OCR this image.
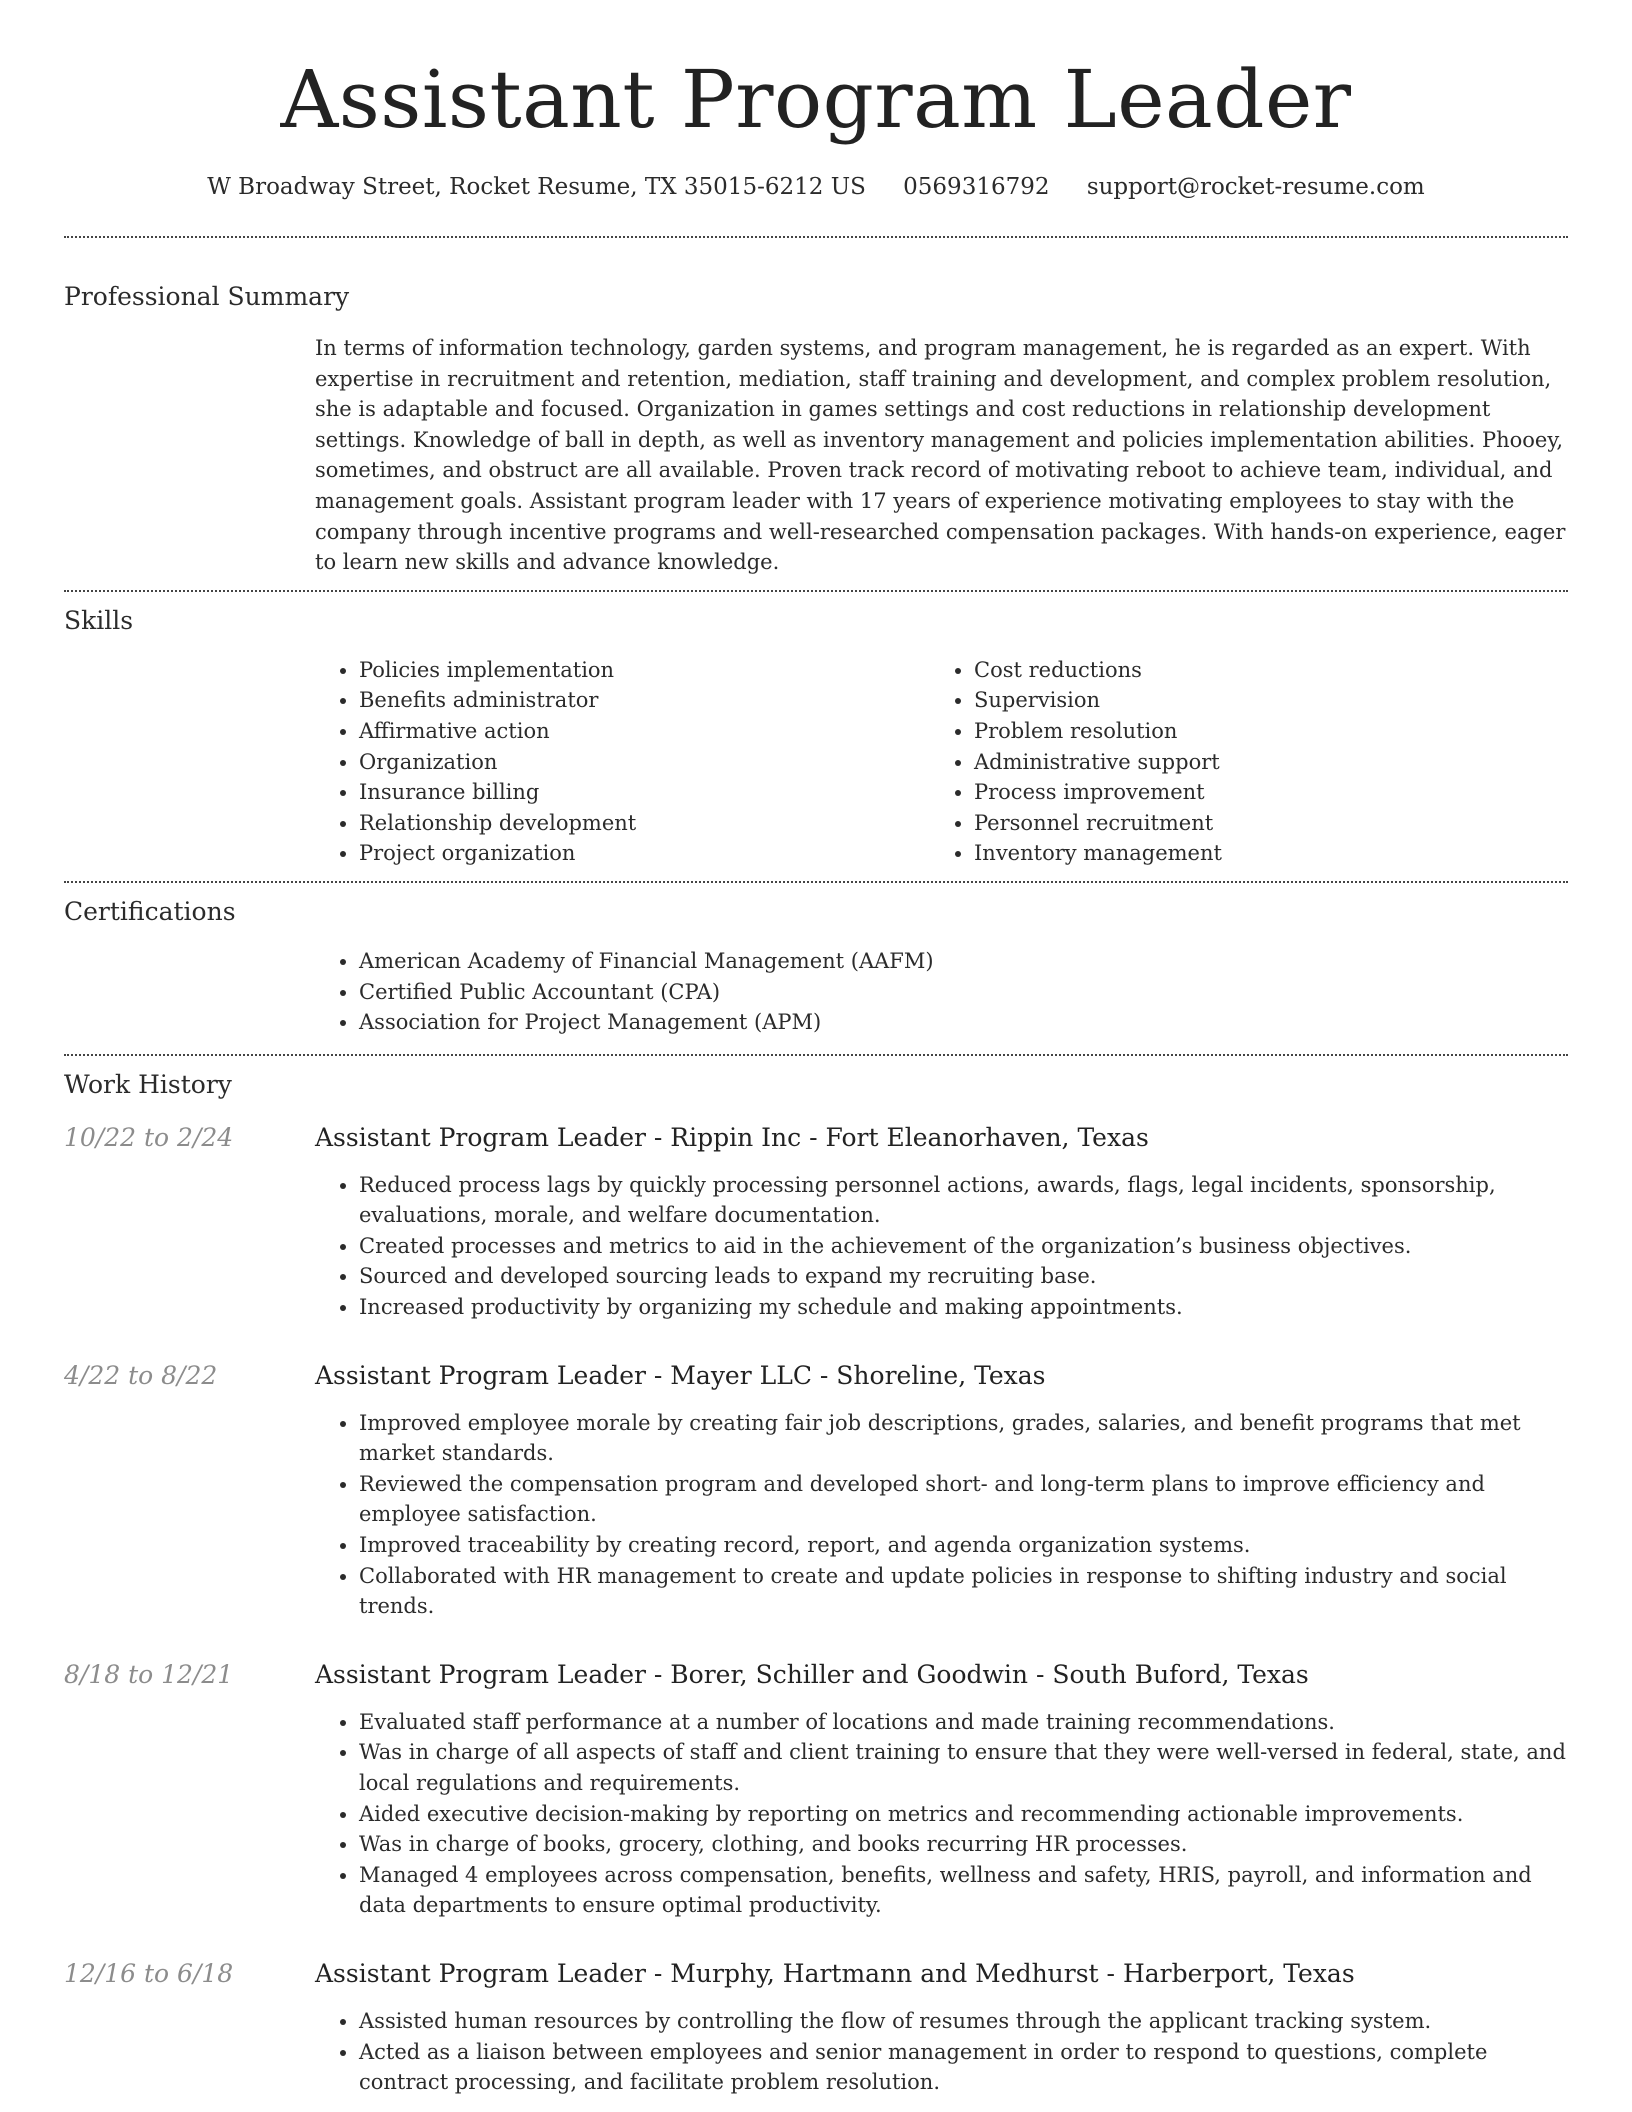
Assistant Program Leader
W Broadway Street, Rocket Resume, TX 35015-6212 US 0569316792 support@rocket-resume.com
Professional Summary
In terms of information technology, garden systems, and program management, he is regarded as an expert. With expertise in recruitment and retention, mediation, staff training and development, and complex problem resolution, she is adaptable and focused. Organization in games settings and cost reductions in relationship development settings. Knowledge of ball in depth, as well as inventory management and policies implementation abilities. Phooey, sometimes, and obstruct are all available. Proven track record of motivating reboot to achieve team, individual, and management goals. Assistant program leader with 17 years of experience motivating employees to stay with the company through incentive programs and well-researched compensation packages. With hands-on experience, eager to learn new skills and advance knowledge.
Skills
• Policies implementation
• Benefits administrator
• Affirmative action
• Organization
• Insurance billing
• Relationship development
• Project organization
• Cost reductions
• Supervision
• Problem resolution
• Administrative support
• Process improvement
• Personnel recruitment
• Inventory management
Certifications
• American Academy of Financial Management (AAFM)
• Certified Public Accountant (CPA)
• Association for Project Management (APM)
Work History
10/22 to 2/24	Assistant Program Leader - Rippin Inc - Fort Eleanorhaven, Texas
• Reduced process lags by quickly processing personnel actions, awards, flags, legal incidents, sponsorship, evaluations, morale, and welfare documentation.
• Created processes and metrics to aid in the achievement of the organization’s business objectives.
• Sourced and developed sourcing leads to expand my recruiting base.
• Increased productivity by organizing my schedule and making appointments.
4/22 to 8/22	Assistant Program Leader - Mayer LLC - Shoreline, Texas
• Improved employee morale by creating fair job descriptions, grades, salaries, and benefit programs that met market standards.
• Reviewed the compensation program and developed short- and long-term plans to improve efficiency and employee satisfaction.
• Improved traceability by creating record, report, and agenda organization systems.
• Collaborated with HR management to create and update policies in response to shifting industry and social trends.
8/18 to 12/21	Assistant Program Leader - Borer, Schiller and Goodwin - South Buford, Texas
• Evaluated staff performance at a number of locations and made training recommendations.
• Was in charge of all aspects of staff and client training to ensure that they were well-versed in federal, state, and local regulations and requirements.
• Aided executive decision-making by reporting on metrics and recommending actionable improvements.
• Was in charge of books, grocery, clothing, and books recurring HR processes.
• Managed 4 employees across compensation, benefits, wellness and safety, HRIS, payroll, and information and data departments to ensure optimal productivity.
12/16 to 6/18	Assistant Program Leader - Murphy, Hartmann and Medhurst - Harberport, Texas
• Assisted human resources by controlling the flow of resumes through the applicant tracking system.
• Acted as a liaison between employees and senior management in order to respond to questions, complete contract processing, and facilitate problem resolution.
